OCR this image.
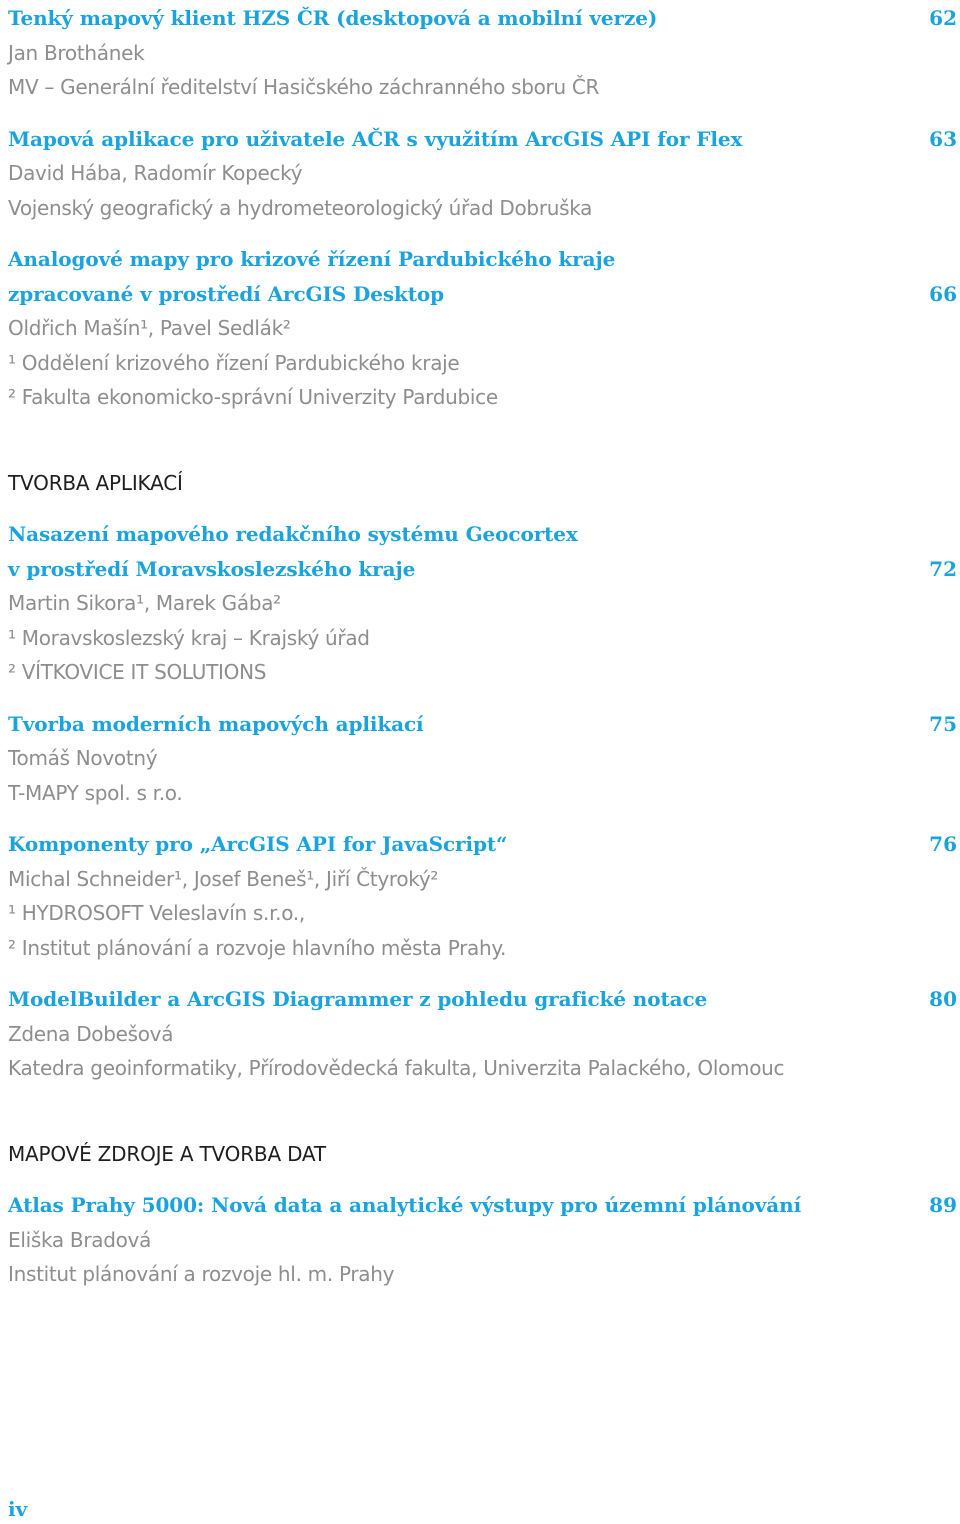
Tenký mapový klient HZS ČR (desktopová a mobilní verze)	62
Jan Brothánek
MV – Generální ředitelství Hasičského záchranného sboru ČR
Mapová aplikace pro uživatele AČR s využitím ArcGIS API for Flex	63
David Hába, Radomír Kopecký
Vojenský geografický a hydrometeorologický úřad Dobruška
Analogové mapy pro krizové řízení Pardubického kraje
zpracované v prostředí ArcGIS Desktop	66
Oldřich Mašín¹, Pavel Sedlák²
¹ Oddělení krizového řízení Pardubického kraje
² Fakulta ekonomicko-správní Univerzity Pardubice
TVORBA APLIKACÍ
Nasazení mapového redakčního systému Geocortex
v prostředí Moravskoslezského kraje	72
Martin Sikora¹, Marek Gába²
¹ Moravskoslezský kraj – Krajský úřad
² VÍTKOVICE IT SOLUTIONS
Tvorba moderních mapových aplikací	75
Tomáš Novotný
T-MAPY spol. s r.o.
Komponenty pro „ArcGIS API for JavaScript“	76
Michal Schneider¹, Josef Beneš¹, Jiří Čtyroký²
¹ HYDROSOFT Veleslavín s.r.o.,
² Institut plánování a rozvoje hlavního města Prahy.
ModelBuilder a ArcGIS Diagrammer z pohledu grafické notace	80
Zdena Dobešová
Katedra geoinformatiky, Přírodovědecká fakulta, Univerzita Palackého, Olomouc
MAPOVÉ ZDROJE A TVORBA DAT
Atlas Prahy 5000: Nová data a analytické výstupy pro územní plánování	89
Eliška Bradová
Institut plánování a rozvoje hl. m. Prahy
iv
